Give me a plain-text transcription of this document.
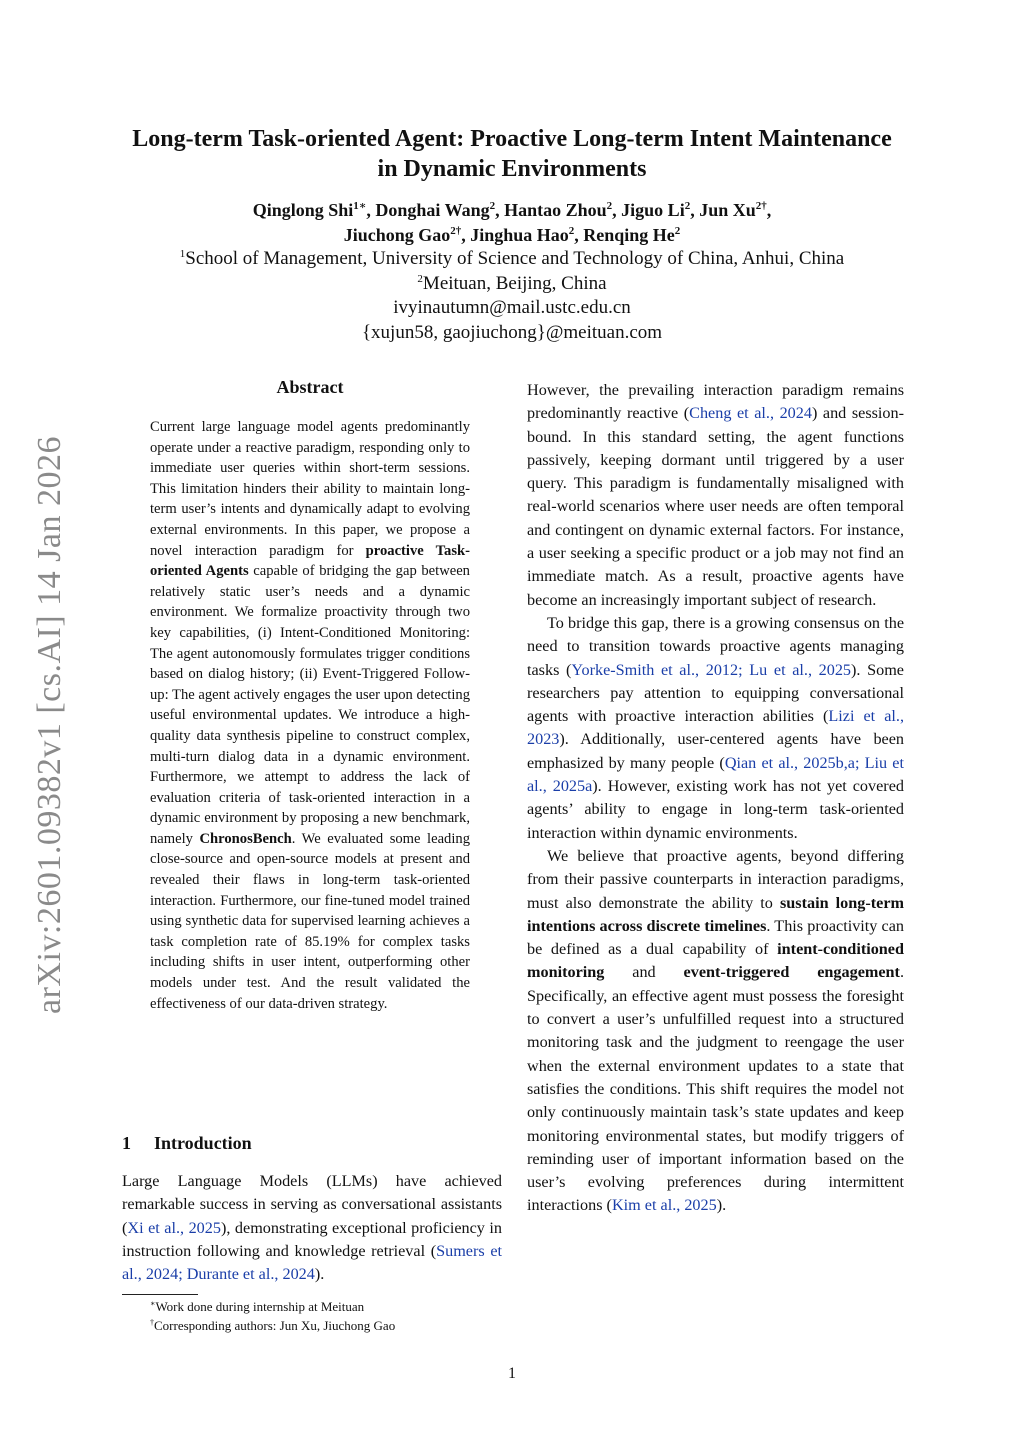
arXiv:2601.09382v1 [cs.AI] 14 Jan 2026
Long-term Task-oriented Agent: Proactive Long-term Intent Maintenance
in Dynamic Environments
Qinglong Shi$^{1∗}$, Donghai Wang$^2$, Hantao Zhou$^2$, Jiguo Li$^2$, Jun $Xu^{2\dagger}$,
Jiuchong Gao$^{2\dagger}$, Jinghua Hao$^2$, Renqing He$^2$
$^1$School of Management, University of Science and Technology of China, Anhui, China
$^2$Meituan, Beijing, China
ivyinautumn@mail.ustc.edu.cn
{xujun58, gaojiuchong}@meituan.com
Abstract
Current large language model agents predominantly operate under a reactive paradigm, responding only to immediate user queries within short-term sessions. This limitation hinders their ability to maintain long-term user’s intents and dynamically adapt to evolving external environments. In this paper, we propose a novel interaction paradigm for proactive Task-oriented Agents capable of bridging the gap between relatively static user’s needs and a dynamic environment. We formalize proactivity through two key capabilities, (i) Intent-Conditioned Monitoring: The agent autonomously formulates trigger conditions based on dialog history; (ii) Event-Triggered Follow-up: The agent actively engages the user upon detecting useful environmental updates. We introduce a high-quality data synthesis pipeline to construct complex, multi-turn dialog data in a dynamic environment. Furthermore, we attempt to address the lack of evaluation criteria of task-oriented interaction in a dynamic environment by proposing a new benchmark, namely ChronosBench. We evaluated some leading close-source and open-source models at present and revealed their flaws in long-term task-oriented interaction. Furthermore, our fine-tuned model trained using synthetic data for supervised learning achieves a task completion rate of 85.19% for complex tasks including shifts in user intent, outperforming other models under test. And the result validated the effectiveness of our data-driven strategy.
1 Introduction
Large Language Models (LLMs) have achieved remarkable success in serving as conversational assistants (Xi et al., 2025), demonstrating exceptional proficiency in instruction following and knowledge retrieval (Sumers et al., 2024; Durante et al., 2024).
∗Work done during internship at Meituan
†Corresponding authors: Jun Xu, Jiuchong Gao

However, the prevailing interaction paradigm remains predominantly reactive (Cheng et al., 2024) and session-bound. In this standard setting, the agent functions passively, keeping dormant until triggered by a user query. This paradigm is fundamentally misaligned with real-world scenarios where user needs are often temporal and contingent on dynamic external factors. For instance, a user seeking a specific product or a job may not find an immediate match. As a result, proactive agents have become an increasingly important subject of research.

To bridge this gap, there is a growing consensus on the need to transition towards proactive agents managing tasks (Yorke-Smith et al., 2012; Lu et al., 2025). Some researchers pay attention to equipping conversational agents with proactive interaction abilities (Lizi et al., 2023). Additionally, user-centered agents have been emphasized by many people (Qian et al., 2025b,a; Liu et al., 2025a). However, existing work has not yet covered agents’ ability to engage in long-term task-oriented interaction within dynamic environments.

We believe that proactive agents, beyond differing from their passive counterparts in interaction paradigms, must also demonstrate the ability to sustain long-term intentions across discrete timelines. This proactivity can be defined as a dual capability of intent-conditioned monitoring and event-triggered engagement. Specifically, an effective agent must possess the foresight to convert a user’s unfulfilled request into a structured monitoring task and the judgment to reengage the user when the external environment updates to a state that satisfies the conditions. This shift requires the model not only continuously maintain task’s state updates and keep monitoring environmental states, but modify triggers of reminding user of important information based on the user’s evolving preferences during intermittent interactions (Kim et al., 2025).

1
